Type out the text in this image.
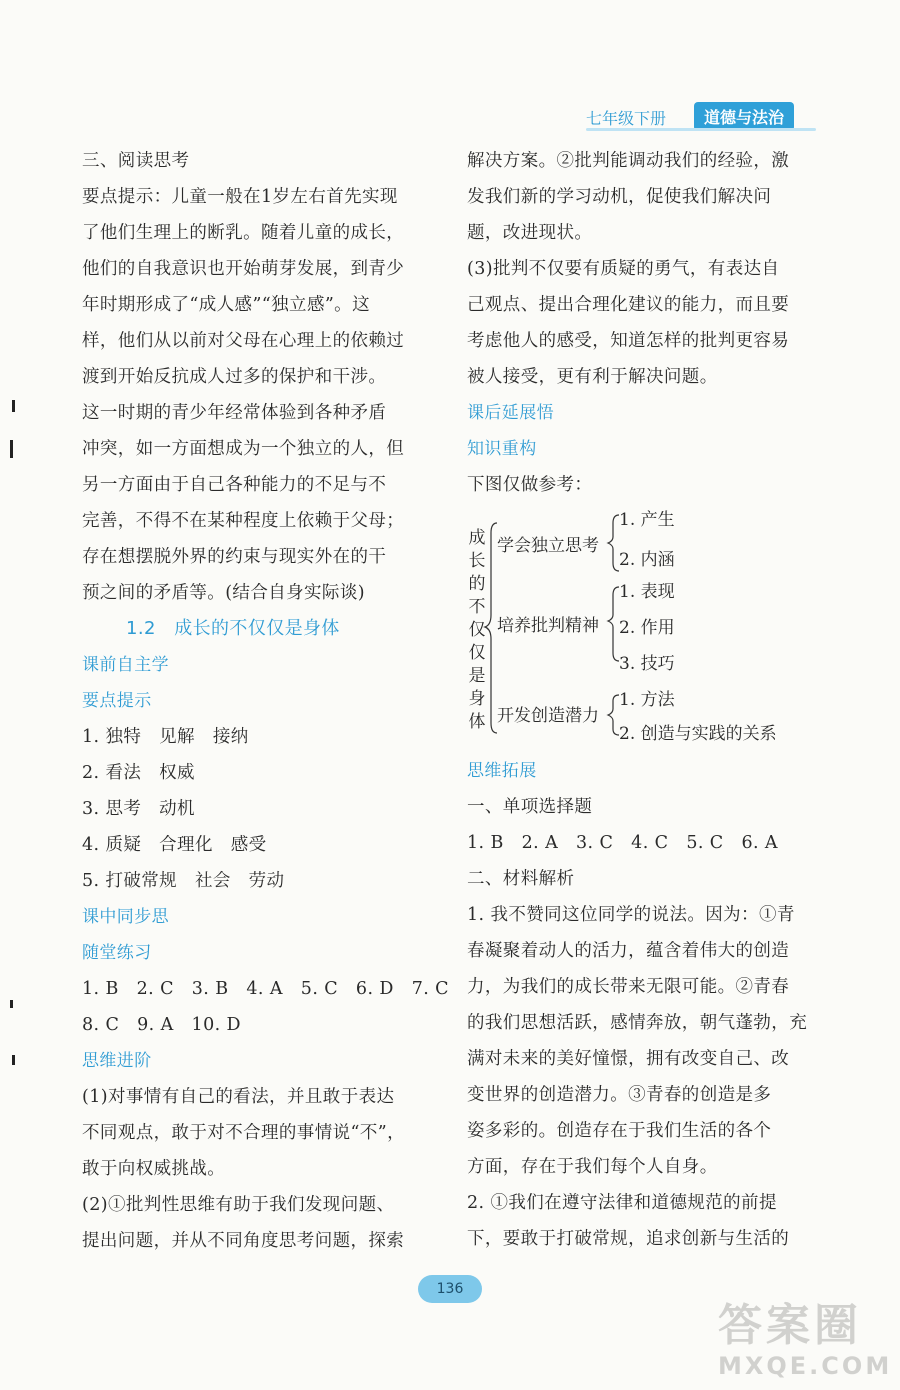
七年级下册	道德与法治
三、阅读思考
要点提示：儿童一般在1岁左右首先实现
了他们生理上的断乳。随着儿童的成长，
他们的自我意识也开始萌芽发展，到青少
年时期形成了“成人感”“独立感”。这
样，他们从以前对父母在心理上的依赖过
渡到开始反抗成人过多的保护和干涉。
这一时期的青少年经常体验到各种矛盾
冲突，如一方面想成为一个独立的人，但
另一方面由于自己各种能力的不足与不
完善，不得不在某种程度上依赖于父母；
存在想摆脱外界的约束与现实外在的干
预之间的矛盾等。(结合自身实际谈)
1.2　成长的不仅仅是身体
课前自主学
要点提示
1. 独特　见解　接纳
2. 看法　权威
3. 思考　动机
4. 质疑　合理化　感受
5. 打破常规　社会　劳动
课中同步思
随堂练习
1. B　2. C　3. B　4. A　5. C　6. D　7. C
8. C　9. A　10. D
思维进阶
(1)对事情有自己的看法，并且敢于表达
不同观点，敢于对不合理的事情说“不”，
敢于向权威挑战。
(2)①批判性思维有助于我们发现问题、
提出问题，并从不同角度思考问题，探索
解决方案。②批判能调动我们的经验，激
发我们新的学习动机，促使我们解决问
题，改进现状。
(3)批判不仅要有质疑的勇气，有表达自
己观点、提出合理化建议的能力，而且要
考虑他人的感受，知道怎样的批判更容易
被人接受，更有利于解决问题。
课后延展悟
知识重构
下图仅做参考：
成长的不仅仅是身体
学会独立思考
1. 产生
2. 内涵
培养批判精神
1. 表现
2. 作用
3. 技巧
开发创造潜力
1. 方法
2. 创造与实践的关系
思维拓展
一、单项选择题
1. B　2. A　3. C　4. C　5. C　6. A
二、材料解析
1. 我不赞同这位同学的说法。因为：①青
春凝聚着动人的活力，蕴含着伟大的创造
力，为我们的成长带来无限可能。②青春
的我们思想活跃，感情奔放，朝气蓬勃，充
满对未来的美好憧憬，拥有改变自己、改
变世界的创造潜力。③青春的创造是多
姿多彩的。创造存在于我们生活的各个
方面，存在于我们每个人自身。
2. ①我们在遵守法律和道德规范的前提
下，要敢于打破常规，追求创新与生活的
136
答案圈
MXQE.COM
